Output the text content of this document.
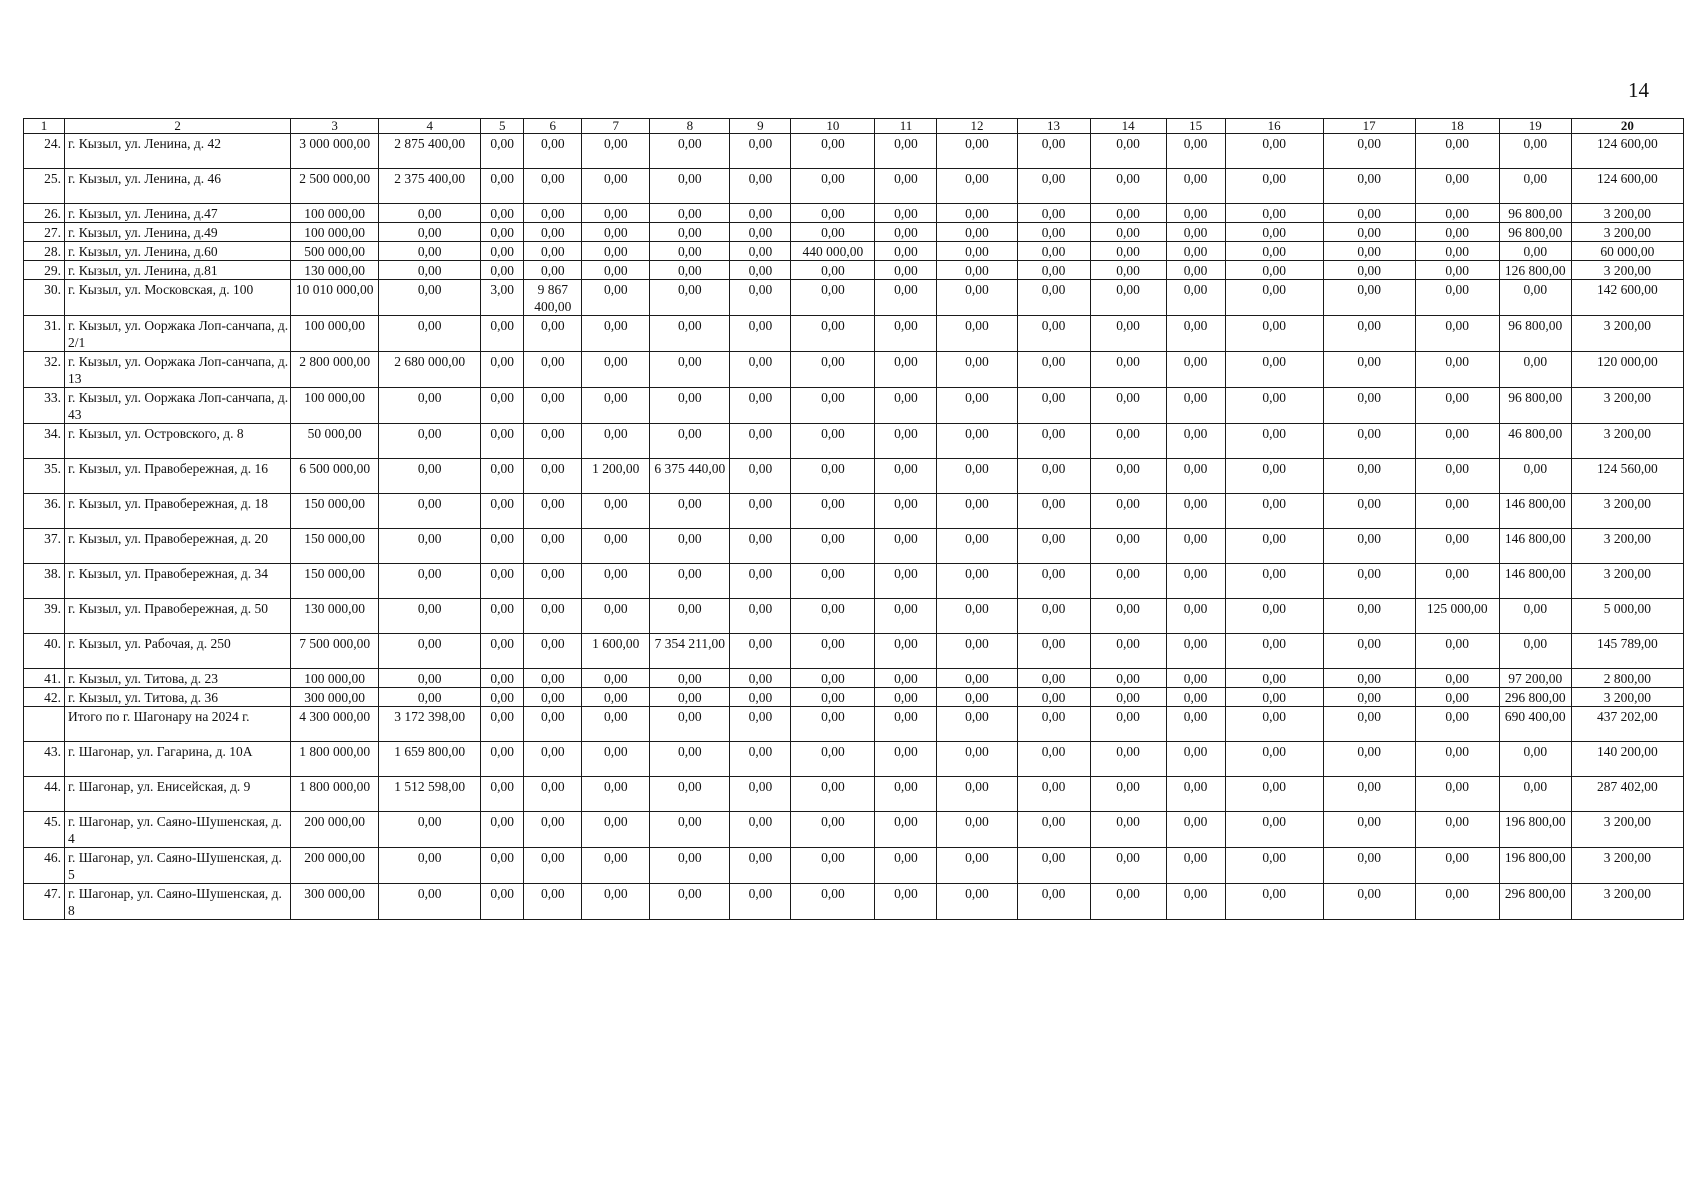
14
1	2	3	4	5	6	7	8	9	10	11	12	13	14	15	16	17	18	19	20
24.	г. Кызыл, ул. Ленина, д. 42	3 000 000,00	2 875 400,00	0,00	0,00	0,00	0,00	0,00	0,00	0,00	0,00	0,00	0,00	0,00	0,00	0,00	0,00	0,00	124 600,00
25.	г. Кызыл, ул. Ленина, д. 46	2 500 000,00	2 375 400,00	0,00	0,00	0,00	0,00	0,00	0,00	0,00	0,00	0,00	0,00	0,00	0,00	0,00	0,00	0,00	124 600,00
26.	г. Кызыл, ул. Ленина, д.47	100 000,00	0,00	0,00	0,00	0,00	0,00	0,00	0,00	0,00	0,00	0,00	0,00	0,00	0,00	0,00	0,00	96 800,00	3 200,00
27.	г. Кызыл, ул. Ленина, д.49	100 000,00	0,00	0,00	0,00	0,00	0,00	0,00	0,00	0,00	0,00	0,00	0,00	0,00	0,00	0,00	0,00	96 800,00	3 200,00
28.	г. Кызыл, ул. Ленина, д.60	500 000,00	0,00	0,00	0,00	0,00	0,00	0,00	440 000,00	0,00	0,00	0,00	0,00	0,00	0,00	0,00	0,00	0,00	60 000,00
29.	г. Кызыл, ул. Ленина, д.81	130 000,00	0,00	0,00	0,00	0,00	0,00	0,00	0,00	0,00	0,00	0,00	0,00	0,00	0,00	0,00	0,00	126 800,00	3 200,00
30.	г. Кызыл, ул. Московская, д. 100	10 010 000,00	0,00	3,00	9 867 400,00	0,00	0,00	0,00	0,00	0,00	0,00	0,00	0,00	0,00	0,00	0,00	0,00	0,00	142 600,00
31.	г. Кызыл, ул. Ооржака Лоп-санчапа, д. 2/1	100 000,00	0,00	0,00	0,00	0,00	0,00	0,00	0,00	0,00	0,00	0,00	0,00	0,00	0,00	0,00	0,00	96 800,00	3 200,00
32.	г. Кызыл, ул. Ооржака Лоп-санчапа, д. 13	2 800 000,00	2 680 000,00	0,00	0,00	0,00	0,00	0,00	0,00	0,00	0,00	0,00	0,00	0,00	0,00	0,00	0,00	0,00	120 000,00
33.	г. Кызыл, ул. Ооржака Лоп-санчапа, д. 43	100 000,00	0,00	0,00	0,00	0,00	0,00	0,00	0,00	0,00	0,00	0,00	0,00	0,00	0,00	0,00	0,00	96 800,00	3 200,00
34.	г. Кызыл, ул. Островского, д. 8	50 000,00	0,00	0,00	0,00	0,00	0,00	0,00	0,00	0,00	0,00	0,00	0,00	0,00	0,00	0,00	0,00	46 800,00	3 200,00
35.	г. Кызыл, ул. Правобережная, д. 16	6 500 000,00	0,00	0,00	0,00	1 200,00	6 375 440,00	0,00	0,00	0,00	0,00	0,00	0,00	0,00	0,00	0,00	0,00	0,00	124 560,00
36.	г. Кызыл, ул. Правобережная, д. 18	150 000,00	0,00	0,00	0,00	0,00	0,00	0,00	0,00	0,00	0,00	0,00	0,00	0,00	0,00	0,00	0,00	146 800,00	3 200,00
37.	г. Кызыл, ул. Правобережная, д. 20	150 000,00	0,00	0,00	0,00	0,00	0,00	0,00	0,00	0,00	0,00	0,00	0,00	0,00	0,00	0,00	0,00	146 800,00	3 200,00
38.	г. Кызыл, ул. Правобережная, д. 34	150 000,00	0,00	0,00	0,00	0,00	0,00	0,00	0,00	0,00	0,00	0,00	0,00	0,00	0,00	0,00	0,00	146 800,00	3 200,00
39.	г. Кызыл, ул. Правобережная, д. 50	130 000,00	0,00	0,00	0,00	0,00	0,00	0,00	0,00	0,00	0,00	0,00	0,00	0,00	0,00	0,00	125 000,00	0,00	5 000,00
40.	г. Кызыл, ул. Рабочая, д. 250	7 500 000,00	0,00	0,00	0,00	1 600,00	7 354 211,00	0,00	0,00	0,00	0,00	0,00	0,00	0,00	0,00	0,00	0,00	0,00	145 789,00
41.	г. Кызыл, ул. Титова, д. 23	100 000,00	0,00	0,00	0,00	0,00	0,00	0,00	0,00	0,00	0,00	0,00	0,00	0,00	0,00	0,00	0,00	97 200,00	2 800,00
42.	г. Кызыл, ул. Титова, д. 36	300 000,00	0,00	0,00	0,00	0,00	0,00	0,00	0,00	0,00	0,00	0,00	0,00	0,00	0,00	0,00	0,00	296 800,00	3 200,00
	Итого по г. Шагонару на 2024 г.	4 300 000,00	3 172 398,00	0,00	0,00	0,00	0,00	0,00	0,00	0,00	0,00	0,00	0,00	0,00	0,00	0,00	0,00	690 400,00	437 202,00
43.	г. Шагонар, ул. Гагарина, д. 10А	1 800 000,00	1 659 800,00	0,00	0,00	0,00	0,00	0,00	0,00	0,00	0,00	0,00	0,00	0,00	0,00	0,00	0,00	0,00	140 200,00
44.	г. Шагонар, ул. Енисейская, д. 9	1 800 000,00	1 512 598,00	0,00	0,00	0,00	0,00	0,00	0,00	0,00	0,00	0,00	0,00	0,00	0,00	0,00	0,00	0,00	287 402,00
45.	г. Шагонар, ул. Саяно-Шушенская, д. 4	200 000,00	0,00	0,00	0,00	0,00	0,00	0,00	0,00	0,00	0,00	0,00	0,00	0,00	0,00	0,00	0,00	196 800,00	3 200,00
46.	г. Шагонар, ул. Саяно-Шушенская, д. 5	200 000,00	0,00	0,00	0,00	0,00	0,00	0,00	0,00	0,00	0,00	0,00	0,00	0,00	0,00	0,00	0,00	196 800,00	3 200,00
47.	г. Шагонар, ул. Саяно-Шушенская, д. 8	300 000,00	0,00	0,00	0,00	0,00	0,00	0,00	0,00	0,00	0,00	0,00	0,00	0,00	0,00	0,00	0,00	296 800,00	3 200,00
